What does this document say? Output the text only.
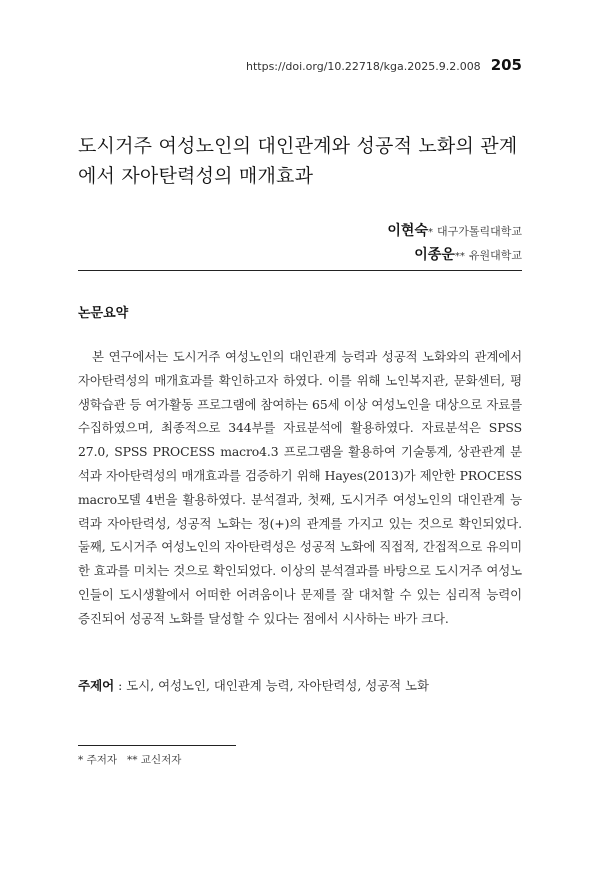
https://doi.org/10.22718/kga.2025.9.2.008 205
도시거주 여성노인의 대인관계와 성공적 노화의 관계에서 자아탄력성의 매개효과
이현숙* 대구가톨릭대학교
이종운** 유원대학교
논문요약

본 연구에서는 도시거주 여성노인의 대인관계 능력과 성공적 노화와의 관계에서 자아탄력성의 매개효과를 확인하고자 하였다. 이를 위해 노인복지관, 문화센터, 평생학습관 등 여가활동 프로그램에 참여하는 65세 이상 여성노인을 대상으로 자료를 수집하였으며, 최종적으로 344부를 자료분석에 활용하였다. 자료분석은 SPSS 27.0, SPSS PROCESS macro4.3 프로그램을 활용하여 기술통계, 상관관계 분석과 자아탄력성의 매개효과를 검증하기 위해 Hayes(2013)가 제안한 PROCESS macro모델 4번을 활용하였다. 분석결과, 첫째, 도시거주 여성노인의 대인관계 능력과 자아탄력성, 성공적 노화는 정(+)의 관계를 가지고 있는 것으로 확인되었다. 둘째, 도시거주 여성노인의 자아탄력성은 성공적 노화에 직접적, 간접적으로 유의미한 효과를 미치는 것으로 확인되었다. 이상의 분석결과를 바탕으로 도시거주 여성노인들이 도시생활에서 어떠한 어려움이나 문제를 잘 대처할 수 있는 심리적 능력이 증진되어 성공적 노화를 달성할 수 있다는 점에서 시사하는 바가 크다.

주제어 : 도시, 여성노인, 대인관계 능력, 자아탄력성, 성공적 노화
* 주저자   ** 교신저자
